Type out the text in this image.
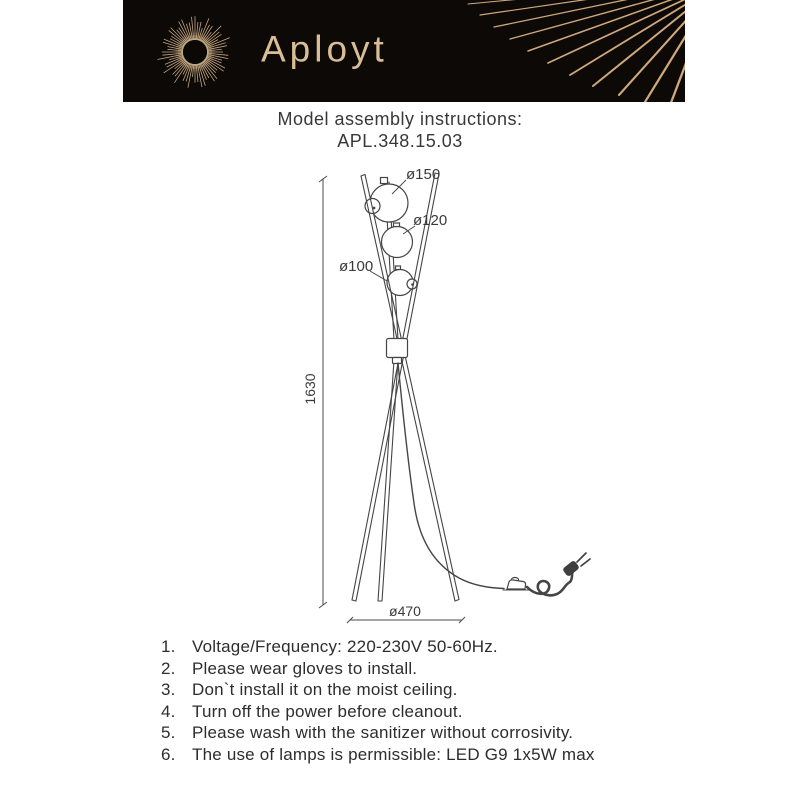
Aployt
Model assembly instructions:
APL.348.15.03
ø150
ø120
ø100
1630
ø470
1. Voltage/Frequency: 220-230V 50-60Hz.
2. Please wear gloves to install.
3. Don`t install it on the moist ceiling.
4. Turn off the power before cleanout.
5. Please wash with the sanitizer without corrosivity.
6. The use of lamps is permissible: LED G9 1x5W max
